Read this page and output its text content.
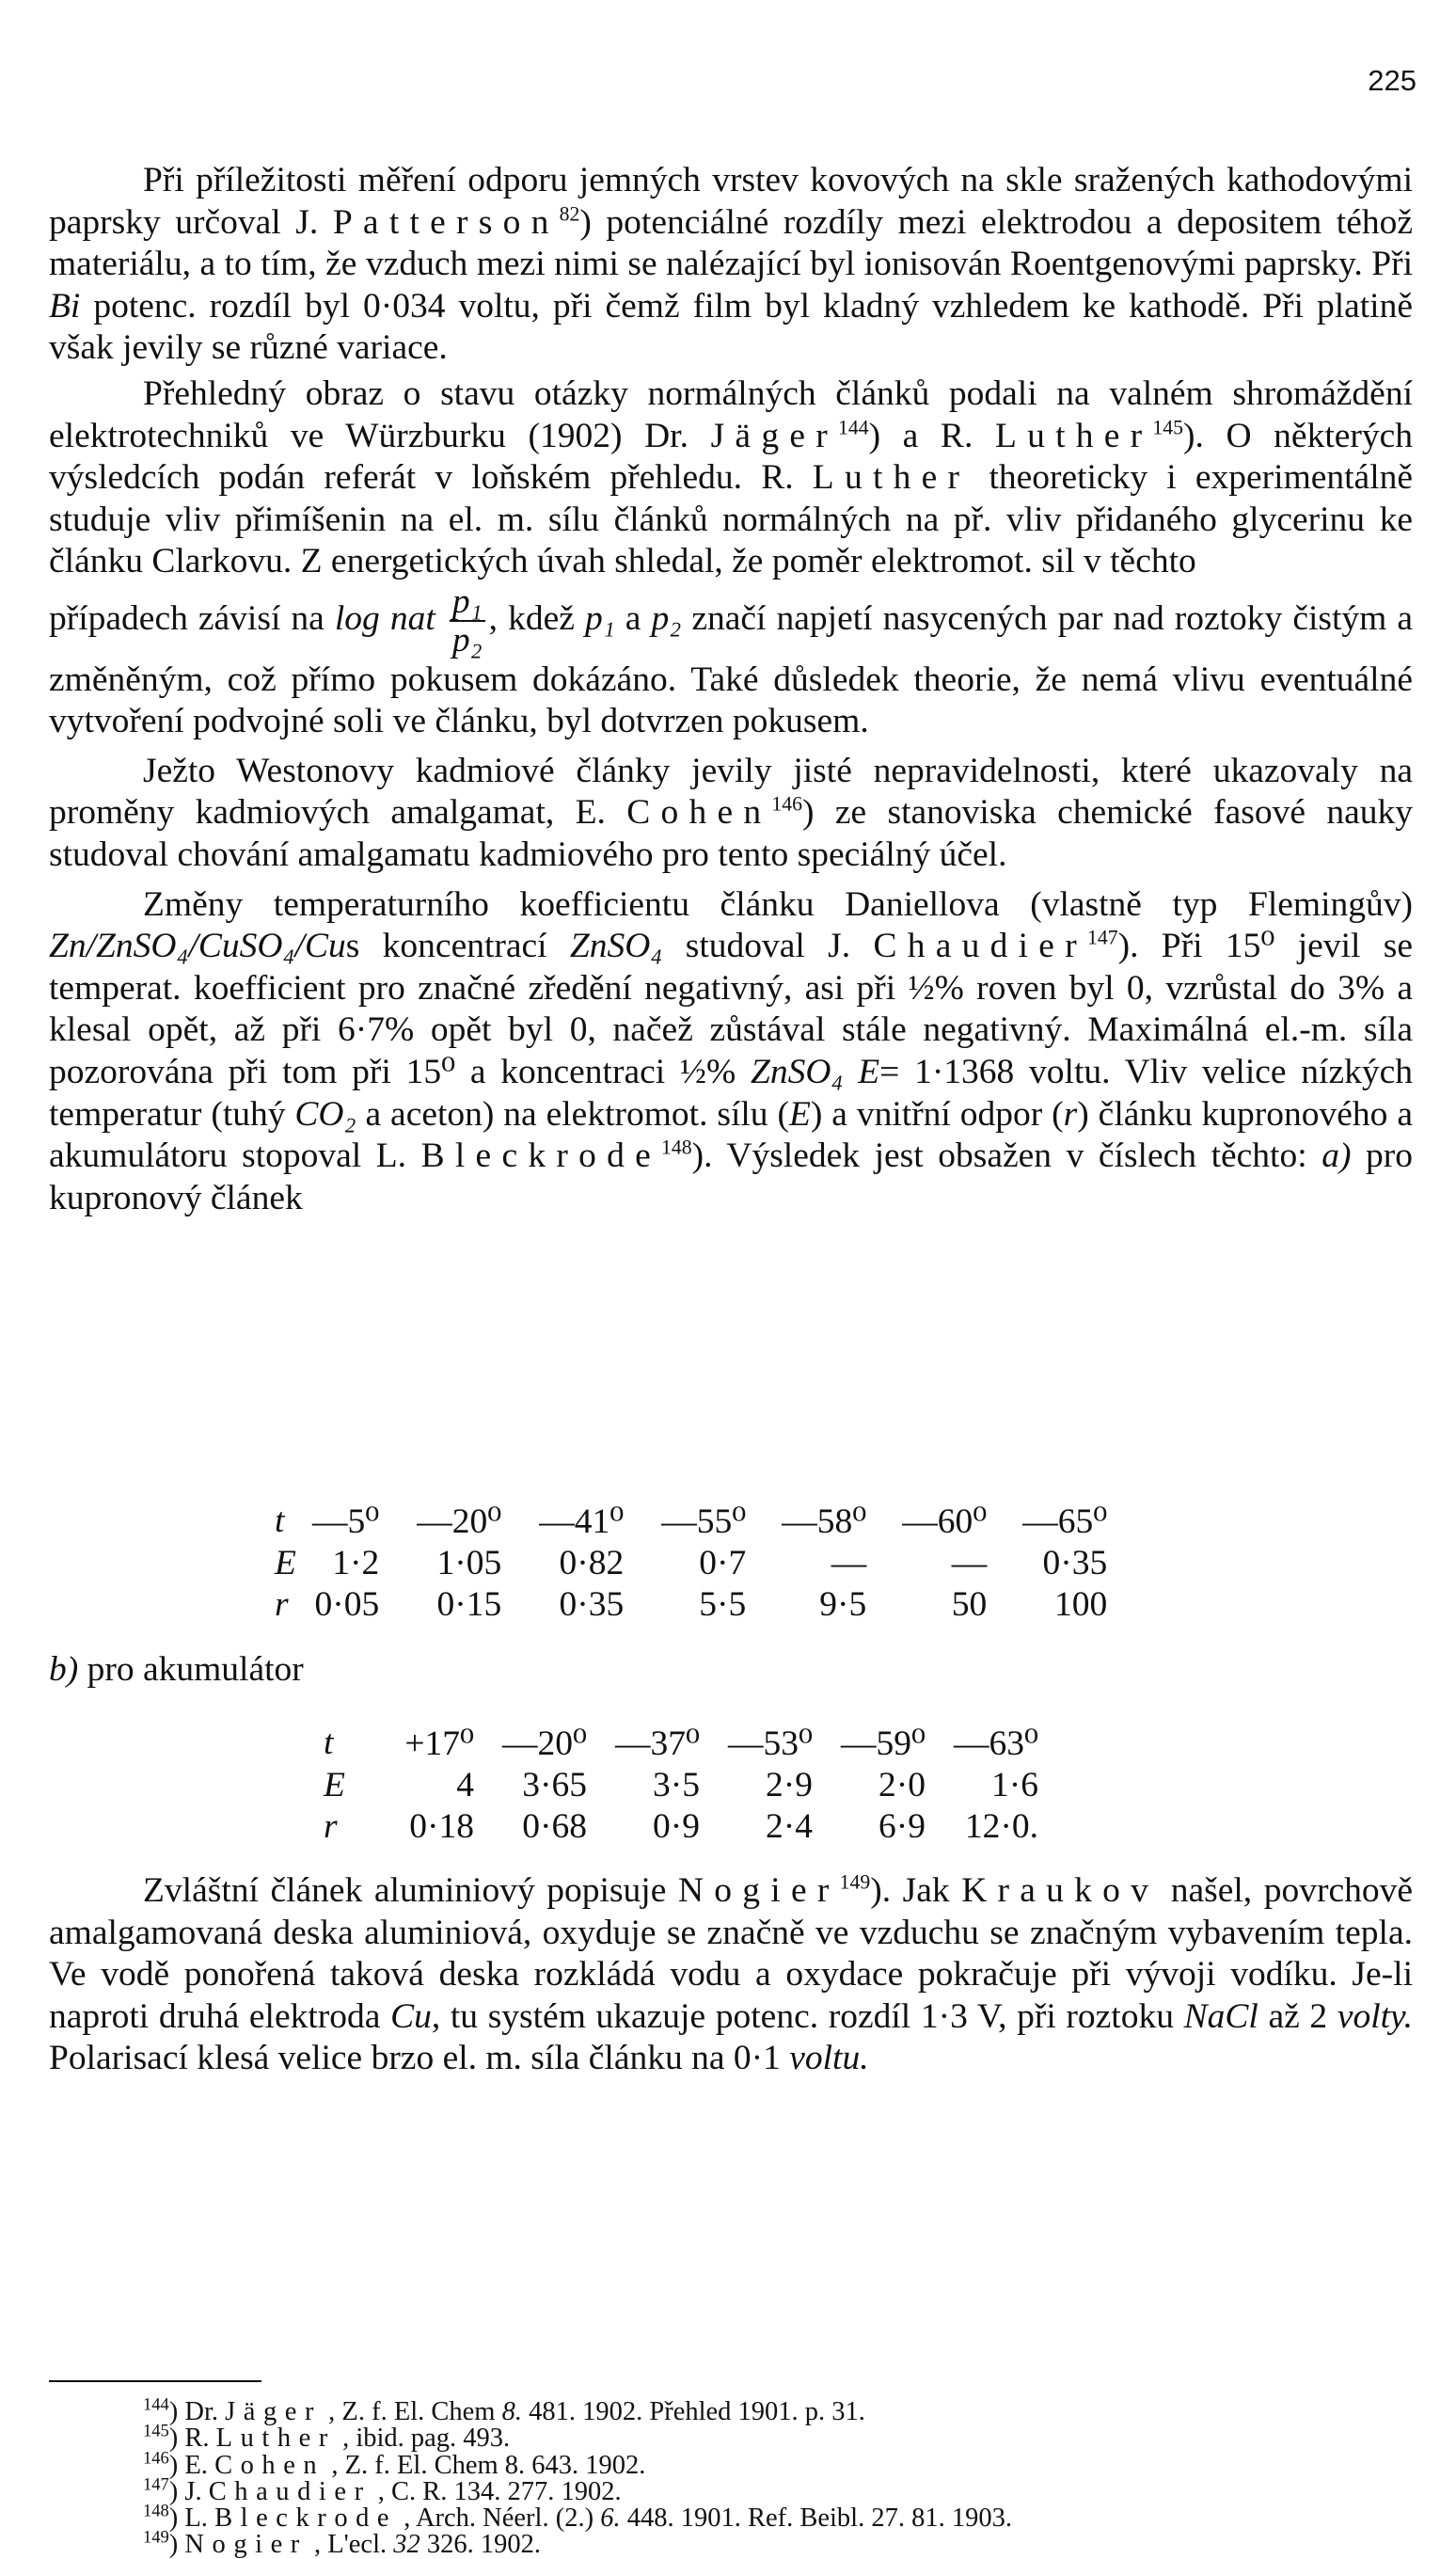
225

Při příležitosti měření odporu jemných vrstev kovových na skle sražených kathodovými paprsky určoval J. Patterson$^{82}$) potenciálné rozdíly mezi elektrodou a depositem téhož materiálu, a to tím, že vzduch mezi nimi se nalézající byl ionisován Roentgenovými paprsky. Při Bi potenc. rozdíl byl 0·034 voltu, při čemž film byl kladný vzhledem ke kathodě. Při platině však jevily se různé variace.

Přehledný obraz o stavu otázky normálných článků podali na valném shromáždění elektrotechniků ve Würzburku (1902) Dr. Jäger$^{144}$) a R. Luther$^{145}$). O některých výsledcích podán referát v loňském přehledu. R. Luther theoreticky i experimentálně studuje vliv přimíšenin na el. m. sílu článků normálných na př. vliv přidaného glycerinu ke článku Clarkovu. Z energetických úvah shledal, že poměr elektromot. sil v těchto

případech závisí na log nat $\frac{\text{p₁}}{\text{p₂}}$ , kdež p₁ a p₂ značí napjetí nasycených par nad roztoky čistým a změněným, což přímo pokusem dokázáno. Také důsledek theorie, že nemá vlivu eventuálné vytvoření podvojné soli ve článku, byl dotvrzen pokusem.

Ježto Westonovy kadmiové články jevily jisté nepravidelnosti, které ukazovaly na proměny kadmiových amalgamat, E. Cohen$^{146}$) ze stanoviska chemické fasové nauky studoval chování amalgamatu kadmiového pro tento speciálný účel.

Změny temperaturního koefficientu článku Daniellova (vlastně typ Flemingův) Zn/ZnSO₄/CuSO₄/Cus koncentrací ZnSO₄ studoval J. Chaudier$^{147}$). Při 15⁰ jevil se temperat. koefficient pro značné zředění negativný, asi při ½% roven byl 0, vzrůstal do 3% a klesal opět, až při 6·7% opět byl 0, načež zůstával stále negativný. Maximálná el.-m. síla pozorována při tom při 15⁰ a koncentraci ½% ZnSO₄ E= 1·1368 voltu. Vliv velice nízkých temperatur (tuhý CO₂ a aceton) na elektromot. sílu (E) a vnitřní odpor (r) článku kupronového a akumulátoru stopoval L. Bleckrode$^{148}$). Výsledek jest obsažen v číslech těchto: a) pro kupronový článek

t	—5⁰	—20⁰	—41⁰	—55⁰	—58⁰	—60⁰	—65⁰
E	1·2	1·05	0·82	0·7	—	—	0·35
r	0·05	0·15	0·35	5·5	9·5	50	100
b) pro akumulátor
t	+17⁰	—20⁰	—37⁰	—53⁰	—59⁰	—63⁰
E	4	3·65	3·5	2·9	2·0	1·6
r	0·18	0·68	0·9	2·4	6·9	12·0.

Zvláštní článek aluminiový popisuje Nogier$^{149}$). Jak Kraukov našel, povrchově amalgamovaná deska aluminiová, oxyduje se značně ve vzduchu se značným vybavením tepla. Ve vodě ponořená taková deska rozkládá vodu a oxydace pokračuje při vývoji vodíku. Je-li naproti druhá elektroda Cu, tu systém ukazuje potenc. rozdíl 1·3 V, při roztoku NaCl až 2 volty. Polarisací klesá velice brzo el. m. síla článku na 0·1 voltu.

$^{144}$) Dr. Jäger , Z. f. El. Chem 8. 481. 1902. Přehled 1901. p. 31.
$^{145}$) R. Luther , ibid. pag. 493.
$^{146}$) E. Cohen , Z. f. El. Chem 8. 643. 1902.
$^{147}$) J. Chaudier , C. R. 134. 277. 1902.
$^{148}$) L. Bleckrode , Arch. Néerl. (2.) 6. 448. 1901. Ref. Beibl. 27. 81. 1903.
$^{149}$) Nogier , L'ecl. 32 326. 1902.
